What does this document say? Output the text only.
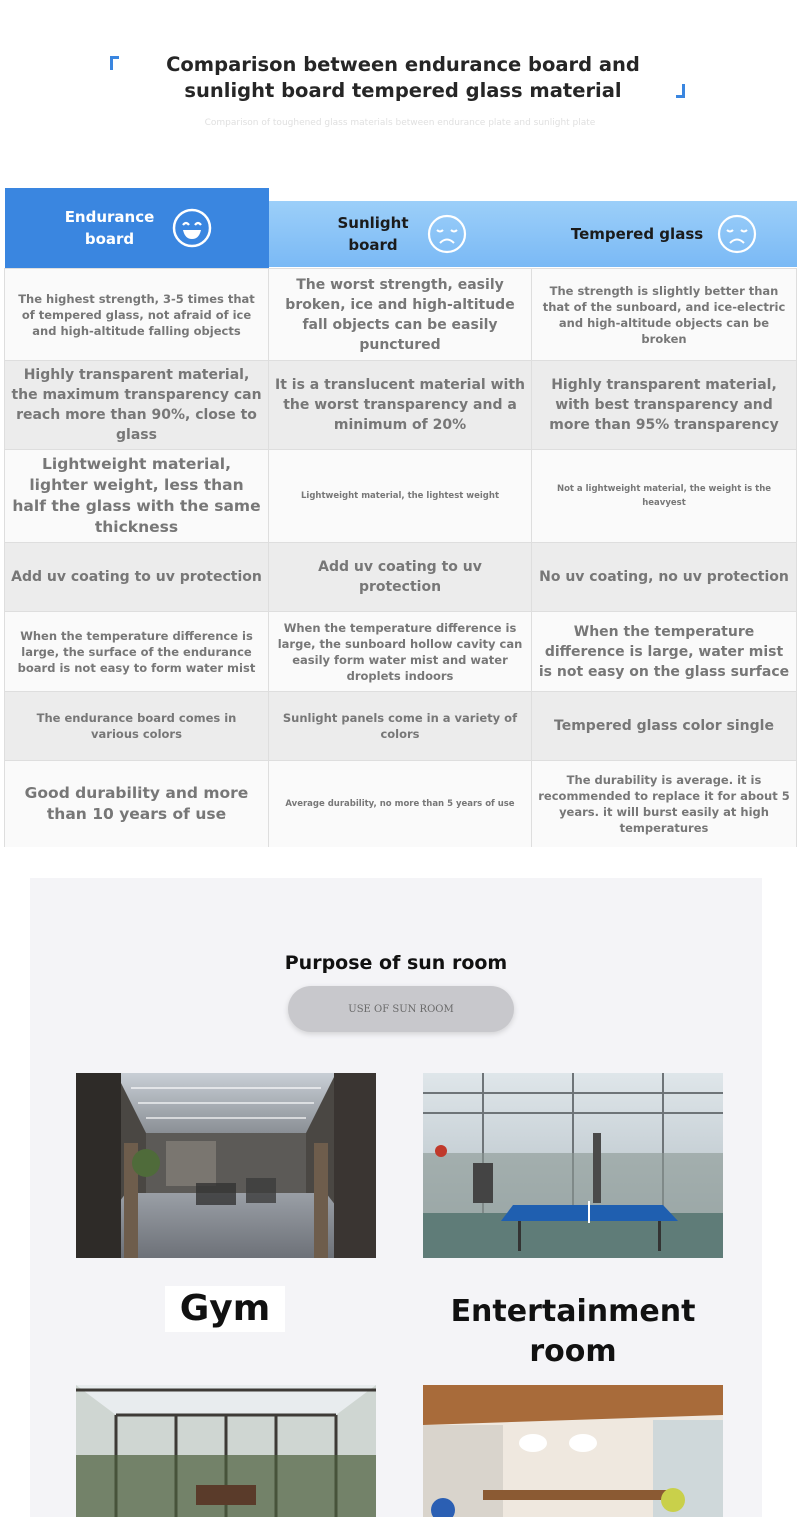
Comparison between endurance board and sunlight board tempered glass material
Comparison of toughened glass materials between endurance plate and sunlight plate
Endurance board	Sunlight board	Tempered glass

The highest strength, 3-5 times that of tempered glass, not afraid of ice and high-altitude falling objects	The worst strength, easily broken, ice and high-altitude fall objects can be easily punctured	The strength is slightly better than that of the sunboard, and ice-electric and high-altitude objects can be broken
Highly transparent material, the maximum transparency can reach more than 90%, close to glass	It is a translucent material with the worst transparency and a minimum of 20%	Highly transparent material, with best transparency and more than 95% transparency
Lightweight material, lighter weight, less than half the glass with the same thickness	Lightweight material, the lightest weight	Not a lightweight material, the weight is the heavyest
Add uv coating to uv protection	Add uv coating to uv protection	No uv coating, no uv protection
When the temperature difference is large, the surface of the endurance board is not easy to form water mist	When the temperature difference is large, the sunboard hollow cavity can easily form water mist and water droplets indoors	When the temperature difference is large, water mist is not easy on the glass surface
The endurance board comes in various colors	Sunlight panels come in a variety of colors	Tempered glass color single
Good durability and more than 10 years of use	Average durability, no more than 5 years of use	The durability is average. it is recommended to replace it for about 5 years. it will burst easily at high temperatures
Purpose of sun room
USE OF SUN ROOM
Gym	Entertainment room
